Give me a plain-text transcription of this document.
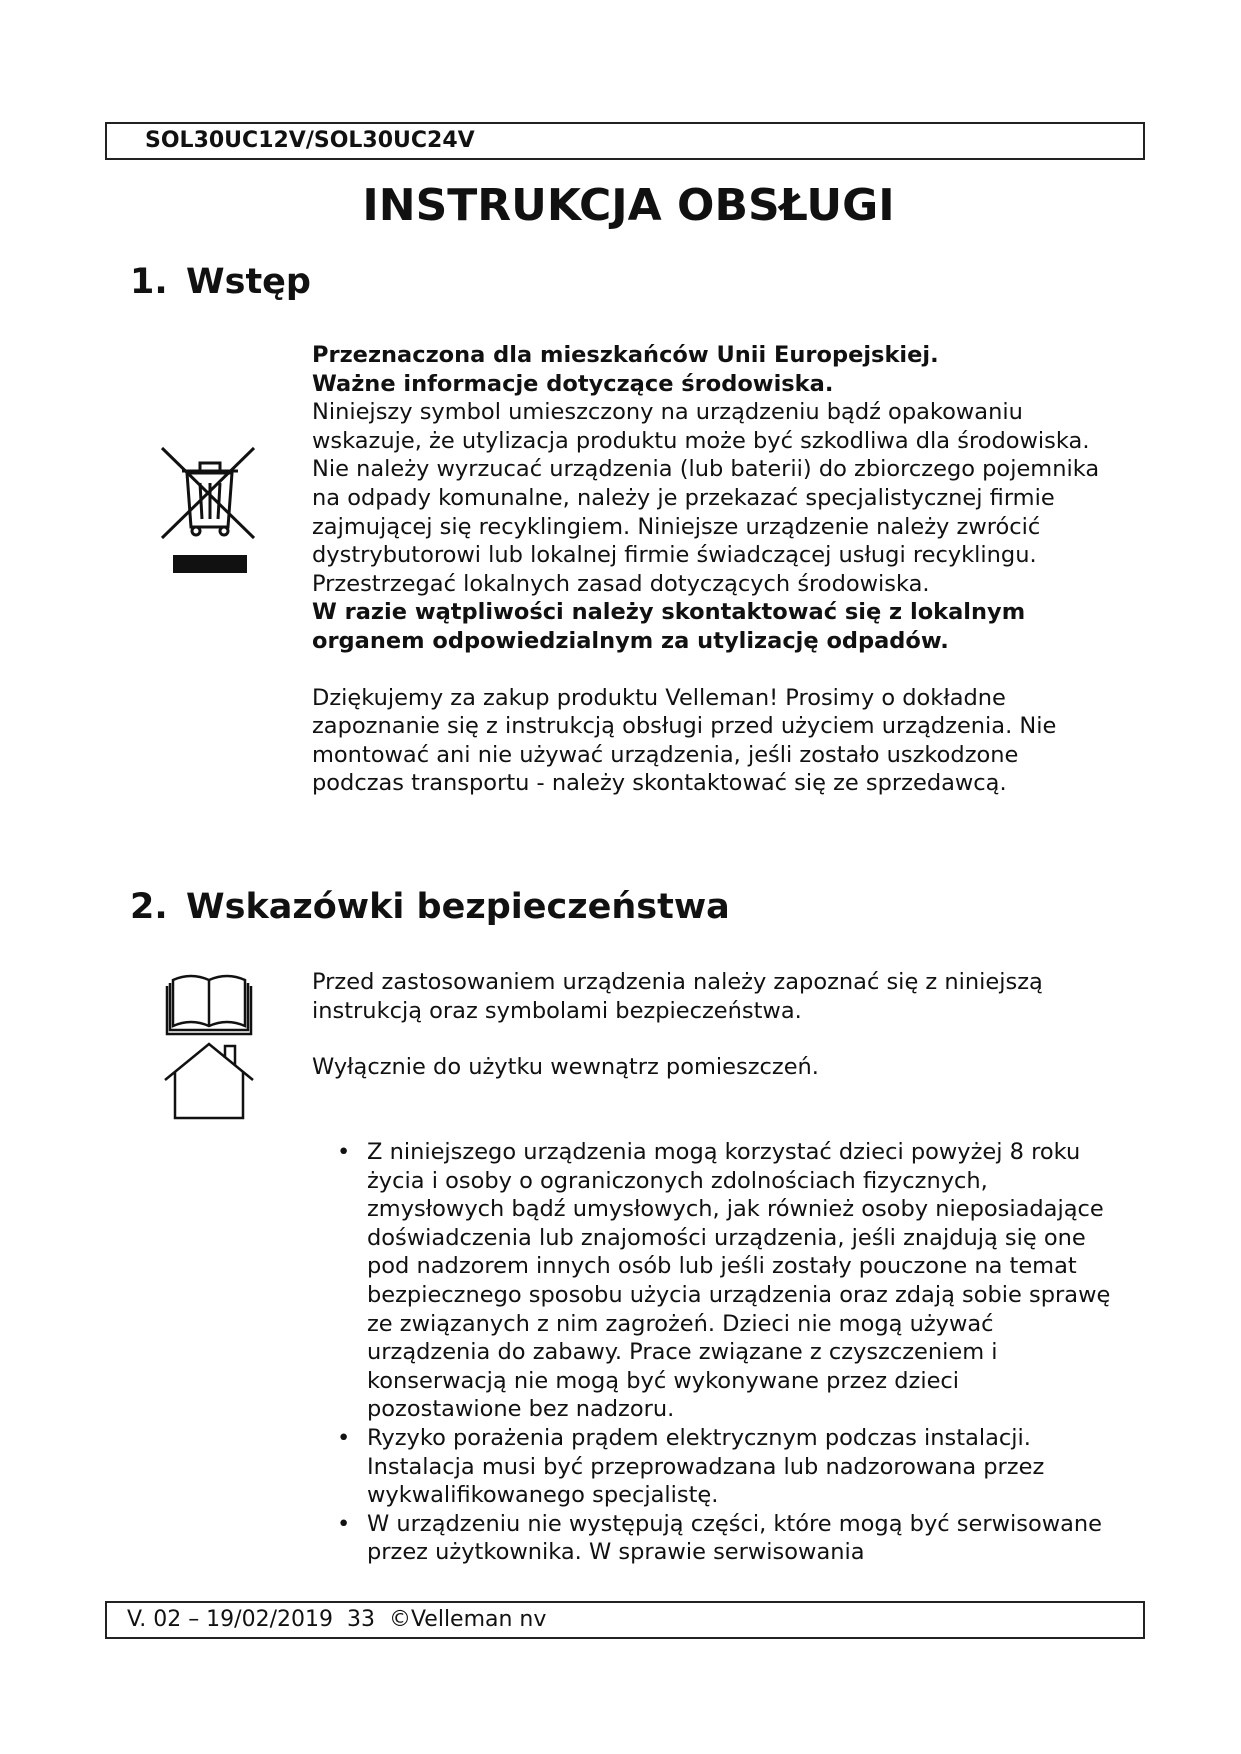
SOL30UC12V/SOL30UC24V
INSTRUKCJA OBSŁUGI
1. Wstęp

Przeznaczona dla mieszkańców Unii Europejskiej.

Ważne informacje dotyczące środowiska.

Niniejszy symbol umieszczony na urządzeniu bądź opakowaniu wskazuje, że utylizacja produktu może być szkodliwa dla środowiska. Nie należy wyrzucać urządzenia (lub baterii) do zbiorczego pojemnika na odpady komunalne, należy je przekazać specjalistycznej firmie zajmującej się recyklingiem. Niniejsze urządzenie należy zwrócić dystrybutorowi lub lokalnej firmie świadczącej usługi recyklingu. Przestrzegać lokalnych zasad dotyczących środowiska.

W razie wątpliwości należy skontaktować się z lokalnym organem odpowiedzialnym za utylizację odpadów.

Dziękujemy za zakup produktu Velleman! Prosimy o dokładne zapoznanie się z instrukcją obsługi przed użyciem urządzenia. Nie montować ani nie używać urządzenia, jeśli zostało uszkodzone podczas transportu - należy skontaktować się ze sprzedawcą.

2. Wskazówki bezpieczeństwa

Przed zastosowaniem urządzenia należy zapoznać się z niniejszą instrukcją oraz symbolami bezpieczeństwa.

Wyłącznie do użytku wewnątrz pomieszczeń.

• Z niniejszego urządzenia mogą korzystać dzieci powyżej 8 roku życia i osoby o ograniczonych zdolnościach fizycznych, zmysłowych bądź umysłowych, jak również osoby nieposiadające doświadczenia lub znajomości urządzenia, jeśli znajdują się one pod nadzorem innych osób lub jeśli zostały pouczone na temat bezpiecznego sposobu użycia urządzenia oraz zdają sobie sprawę ze związanych z nim zagrożeń. Dzieci nie mogą używać urządzenia do zabawy. Prace związane z czyszczeniem i konserwacją nie mogą być wykonywane przez dzieci pozostawione bez nadzoru.
• Ryzyko porażenia prądem elektrycznym podczas instalacji. Instalacja musi być przeprowadzana lub nadzorowana przez wykwalifikowanego specjalistę.
• W urządzeniu nie występują części, które mogą być serwisowane przez użytkownika. W sprawie serwisowania
V. 02 – 19/02/2019  33  ©Velleman nv
